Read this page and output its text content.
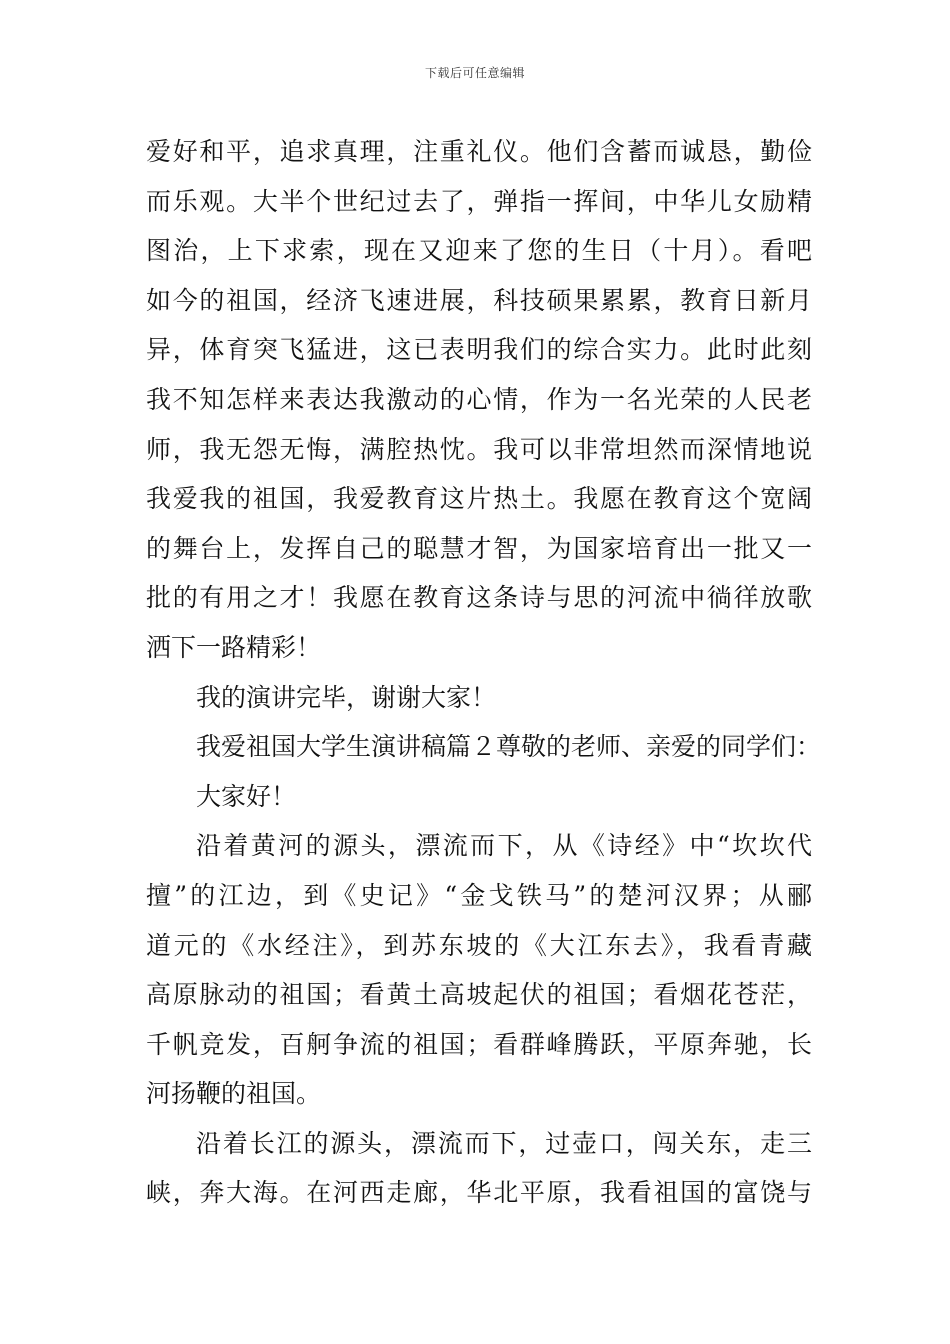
下载后可任意编辑
爱好和平，追求真理，注重礼仪。他们含蓄而诚恳，勤俭
而乐观。大半个世纪过去了，弹指一挥间，中华儿女励精
图治，上下求索，现在又迎来了您的生日（十月）。看吧
如今的祖国，经济飞速进展，科技硕果累累，教育日新月
异，体育突飞猛进，这已表明我们的综合实力。此时此刻
我不知怎样来表达我激动的心情，作为一名光荣的人民老
师，我无怨无悔，满腔热忱。我可以非常坦然而深情地说
我爱我的祖国，我爱教育这片热土。我愿在教育这个宽阔
的舞台上，发挥自己的聪慧才智，为国家培育出一批又一
批的有用之才！我愿在教育这条诗与思的河流中徜徉放歌
洒下一路精彩！
我的演讲完毕，谢谢大家！
我爱祖国大学生演讲稿篇２尊敬的老师、亲爱的同学们：
大家好！
沿着黄河的源头，漂流而下，从《诗经》中“坎坎代
擅”的江边，到《史记》“金戈铁马”的楚河汉界；从郦
道元的《水经注》，到苏东坡的《大江东去》，我看青藏
高原脉动的祖国；看黄土高坡起伏的祖国；看烟花苍茫，
千帆竞发，百舸争流的祖国；看群峰腾跃，平原奔驰，长
河扬鞭的祖国。
沿着长江的源头，漂流而下，过壶口，闯关东，走三
峡，奔大海。在河西走廊，华北平原，我看祖国的富饶与
